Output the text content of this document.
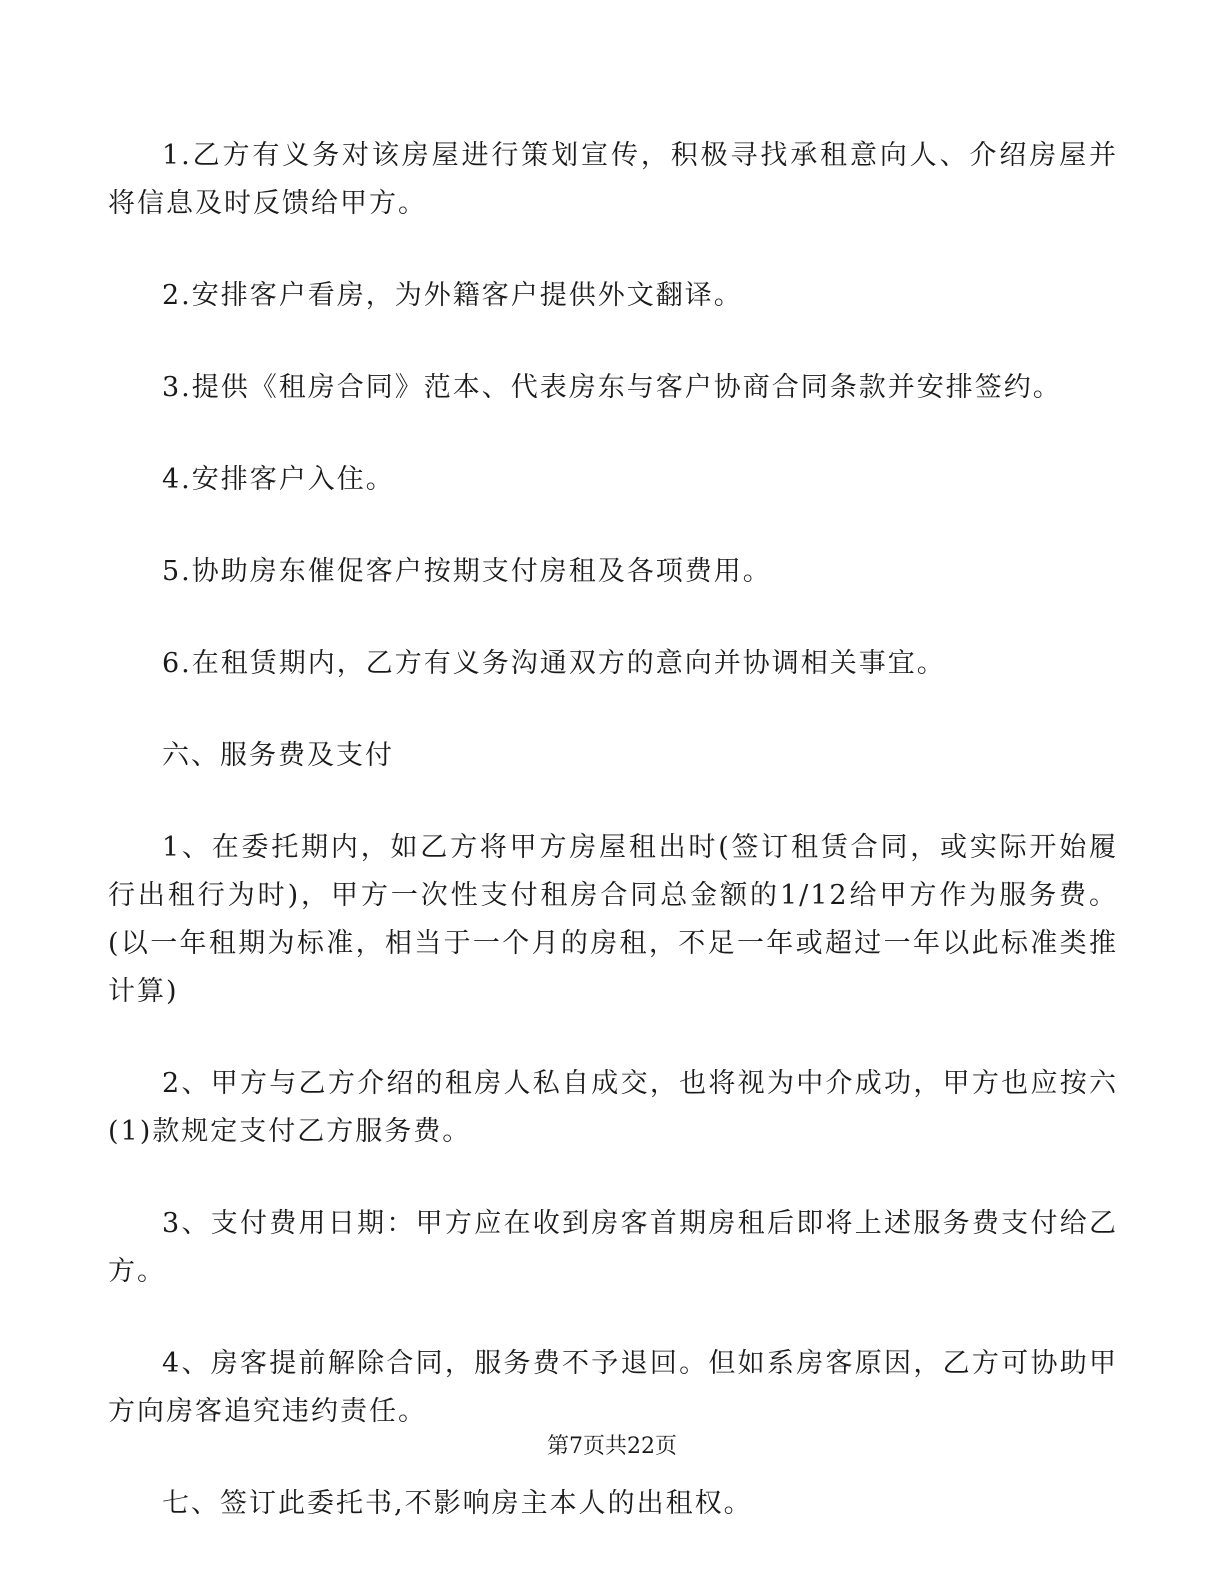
1.乙方有义务对该房屋进行策划宣传，积极寻找承租意向人、介绍房屋并将信息及时反馈给甲方。

2.安排客户看房，为外籍客户提供外文翻译。

3.提供《租房合同》范本、代表房东与客户协商合同条款并安排签约。

4.安排客户入住。

5.协助房东催促客户按期支付房租及各项费用。

6.在租赁期内，乙方有义务沟通双方的意向并协调相关事宜。

六、服务费及支付

1、在委托期内，如乙方将甲方房屋租出时(签订租赁合同，或实际开始履行出租行为时)，甲方一次性支付租房合同总金额的1/12给甲方作为服务费。(以一年租期为标准，相当于一个月的房租，不足一年或超过一年以此标准类推计算)

2、甲方与乙方介绍的租房人私自成交，也将视为中介成功，甲方也应按六(1)款规定支付乙方服务费。

3、支付费用日期：甲方应在收到房客首期房租后即将上述服务费支付给乙方。

4、房客提前解除合同，服务费不予退回。但如系房客原因，乙方可协助甲方向房客追究违约责任。

七、签订此委托书,不影响房主本人的出租权。

第7页共22页
